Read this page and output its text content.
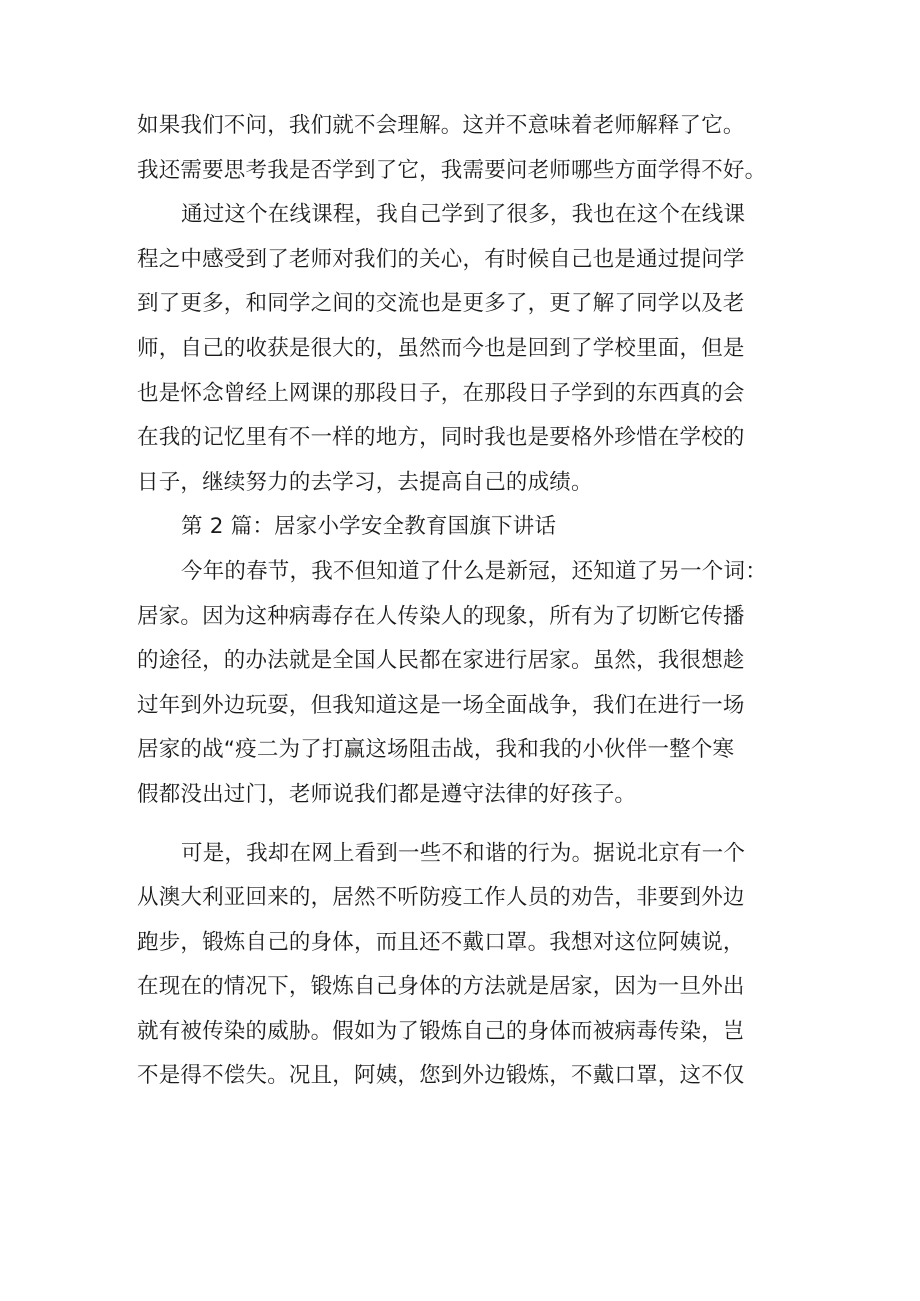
如果我们不问，我们就不会理解。这并不意味着老师解释了它。
我还需要思考我是否学到了它，我需要问老师哪些方面学得不好。
通过这个在线课程，我自己学到了很多，我也在这个在线课
程之中感受到了老师对我们的关心，有时候自己也是通过提问学
到了更多，和同学之间的交流也是更多了，更了解了同学以及老
师，自己的收获是很大的，虽然而今也是回到了学校里面，但是
也是怀念曾经上网课的那段日子，在那段日子学到的东西真的会
在我的记忆里有不一样的地方，同时我也是要格外珍惜在学校的
日子，继续努力的去学习，去提高自己的成绩。
第 2 篇：居家小学安全教育国旗下讲话
今年的春节，我不但知道了什么是新冠，还知道了另一个词：
居家。因为这种病毒存在人传染人的现象，所有为了切断它传播
的途径，的办法就是全国人民都在家进行居家。虽然，我很想趁
过年到外边玩耍，但我知道这是一场全面战争，我们在进行一场
居家的战“疫二为了打赢这场阻击战，我和我的小伙伴一整个寒
假都没出过门，老师说我们都是遵守法律的好孩子。
可是，我却在网上看到一些不和谐的行为。据说北京有一个
从澳大利亚回来的，居然不听防疫工作人员的劝告，非要到外边
跑步，锻炼自己的身体，而且还不戴口罩。我想对这位阿姨说，
在现在的情况下，锻炼自己身体的方法就是居家，因为一旦外出
就有被传染的威胁。假如为了锻炼自己的身体而被病毒传染，岂
不是得不偿失。况且，阿姨，您到外边锻炼，不戴口罩，这不仅
